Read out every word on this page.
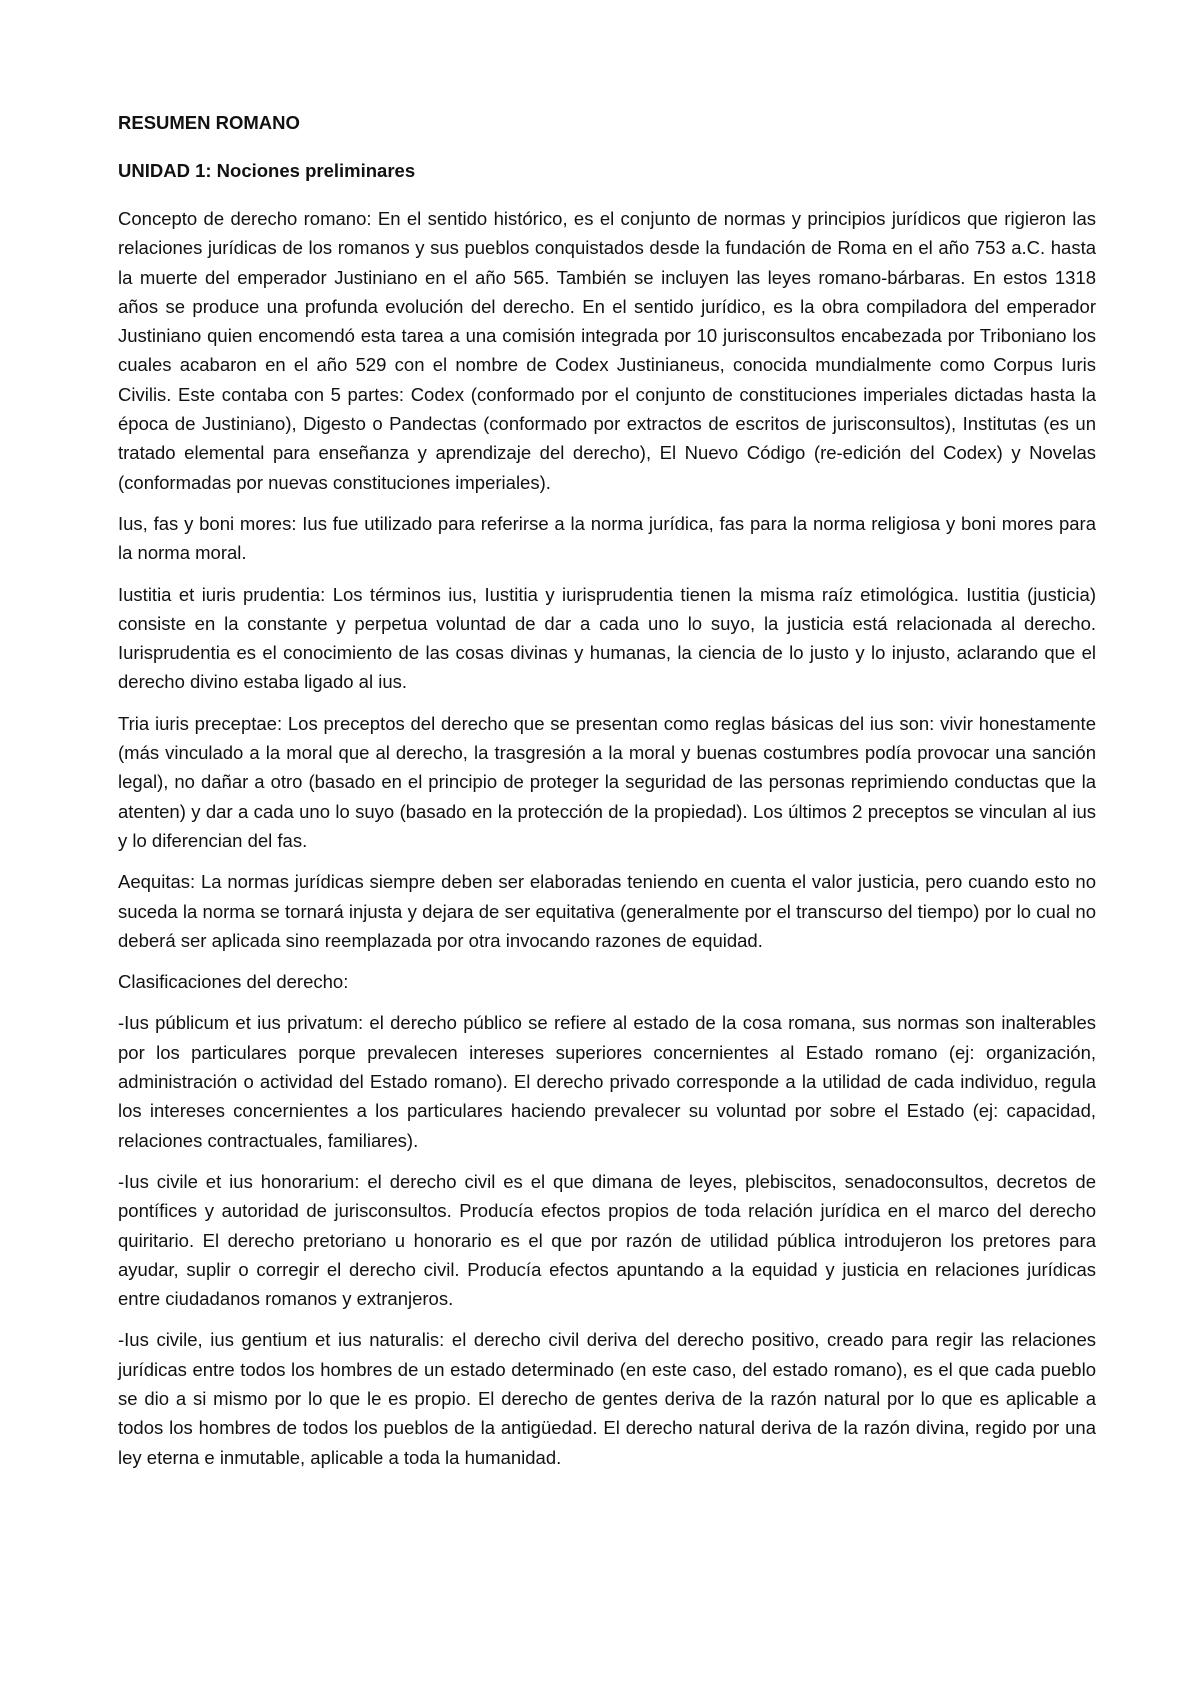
RESUMEN ROMANO
UNIDAD 1: Nociones preliminares

Concepto de derecho romano: En el sentido histórico, es el conjunto de normas y principios jurídicos que rigieron las relaciones jurídicas de los romanos y sus pueblos conquistados desde la fundación de Roma en el año 753 a.C. hasta la muerte del emperador Justiniano en el año 565. También se incluyen las leyes romano-bárbaras. En estos 1318 años se produce una profunda evolución del derecho. En el sentido jurídico, es la obra compiladora del emperador Justiniano quien encomendó esta tarea a una comisión integrada por 10 jurisconsultos encabezada por Triboniano los cuales acabaron en el año 529 con el nombre de Codex Justinianeus, conocida mundialmente como Corpus Iuris Civilis. Este contaba con 5 partes: Codex (conformado por el conjunto de constituciones imperiales dictadas hasta la época de Justiniano), Digesto o Pandectas (conformado por extractos de escritos de jurisconsultos), Institutas (es un tratado elemental para enseñanza y aprendizaje del derecho), El Nuevo Código (re-edición del Codex) y Novelas (conformadas por nuevas constituciones imperiales).

Ius, fas y boni mores: Ius fue utilizado para referirse a la norma jurídica, fas para la norma religiosa y boni mores para la norma moral.

Iustitia et iuris prudentia: Los términos ius, Iustitia y iurisprudentia tienen la misma raíz etimológica. Iustitia (justicia) consiste en la constante y perpetua voluntad de dar a cada uno lo suyo, la justicia está relacionada al derecho. Iurisprudentia es el conocimiento de las cosas divinas y humanas, la ciencia de lo justo y lo injusto, aclarando que el derecho divino estaba ligado al ius.

Tria iuris preceptae: Los preceptos del derecho que se presentan como reglas básicas del ius son: vivir honestamente (más vinculado a la moral que al derecho, la trasgresión a la moral y buenas costumbres podía provocar una sanción legal), no dañar a otro (basado en el principio de proteger la seguridad de las personas reprimiendo conductas que la atenten) y dar a cada uno lo suyo (basado en la protección de la propiedad). Los últimos 2 preceptos se vinculan al ius y lo diferencian del fas.

Aequitas: La normas jurídicas siempre deben ser elaboradas teniendo en cuenta el valor justicia, pero cuando esto no suceda la norma se tornará injusta y dejara de ser equitativa (generalmente por el transcurso del tiempo) por lo cual no deberá ser aplicada sino reemplazada por otra invocando razones de equidad.

Clasificaciones del derecho:

-Ius públicum et ius privatum: el derecho público se refiere al estado de la cosa romana, sus normas son inalterables por los particulares porque prevalecen intereses superiores concernientes al Estado romano (ej: organización, administración o actividad del Estado romano). El derecho privado corresponde a la utilidad de cada individuo, regula los intereses concernientes a los particulares haciendo prevalecer su voluntad por sobre el Estado (ej: capacidad, relaciones contractuales, familiares).

-Ius civile et ius honorarium: el derecho civil es el que dimana de leyes, plebiscitos, senadoconsultos, decretos de pontífices y autoridad de jurisconsultos. Producía efectos propios de toda relación jurídica en el marco del derecho quiritario. El derecho pretoriano u honorario es el que por razón de utilidad pública introdujeron los pretores para ayudar, suplir o corregir el derecho civil. Producía efectos apuntando a la equidad y justicia en relaciones jurídicas entre ciudadanos romanos y extranjeros.

-Ius civile, ius gentium et ius naturalis: el derecho civil deriva del derecho positivo, creado para regir las relaciones jurídicas entre todos los hombres de un estado determinado (en este caso, del estado romano), es el que cada pueblo se dio a si mismo por lo que le es propio. El derecho de gentes deriva de la razón natural por lo que es aplicable a todos los hombres de todos los pueblos de la antigüedad. El derecho natural deriva de la razón divina, regido por una ley eterna e inmutable, aplicable a toda la humanidad.
